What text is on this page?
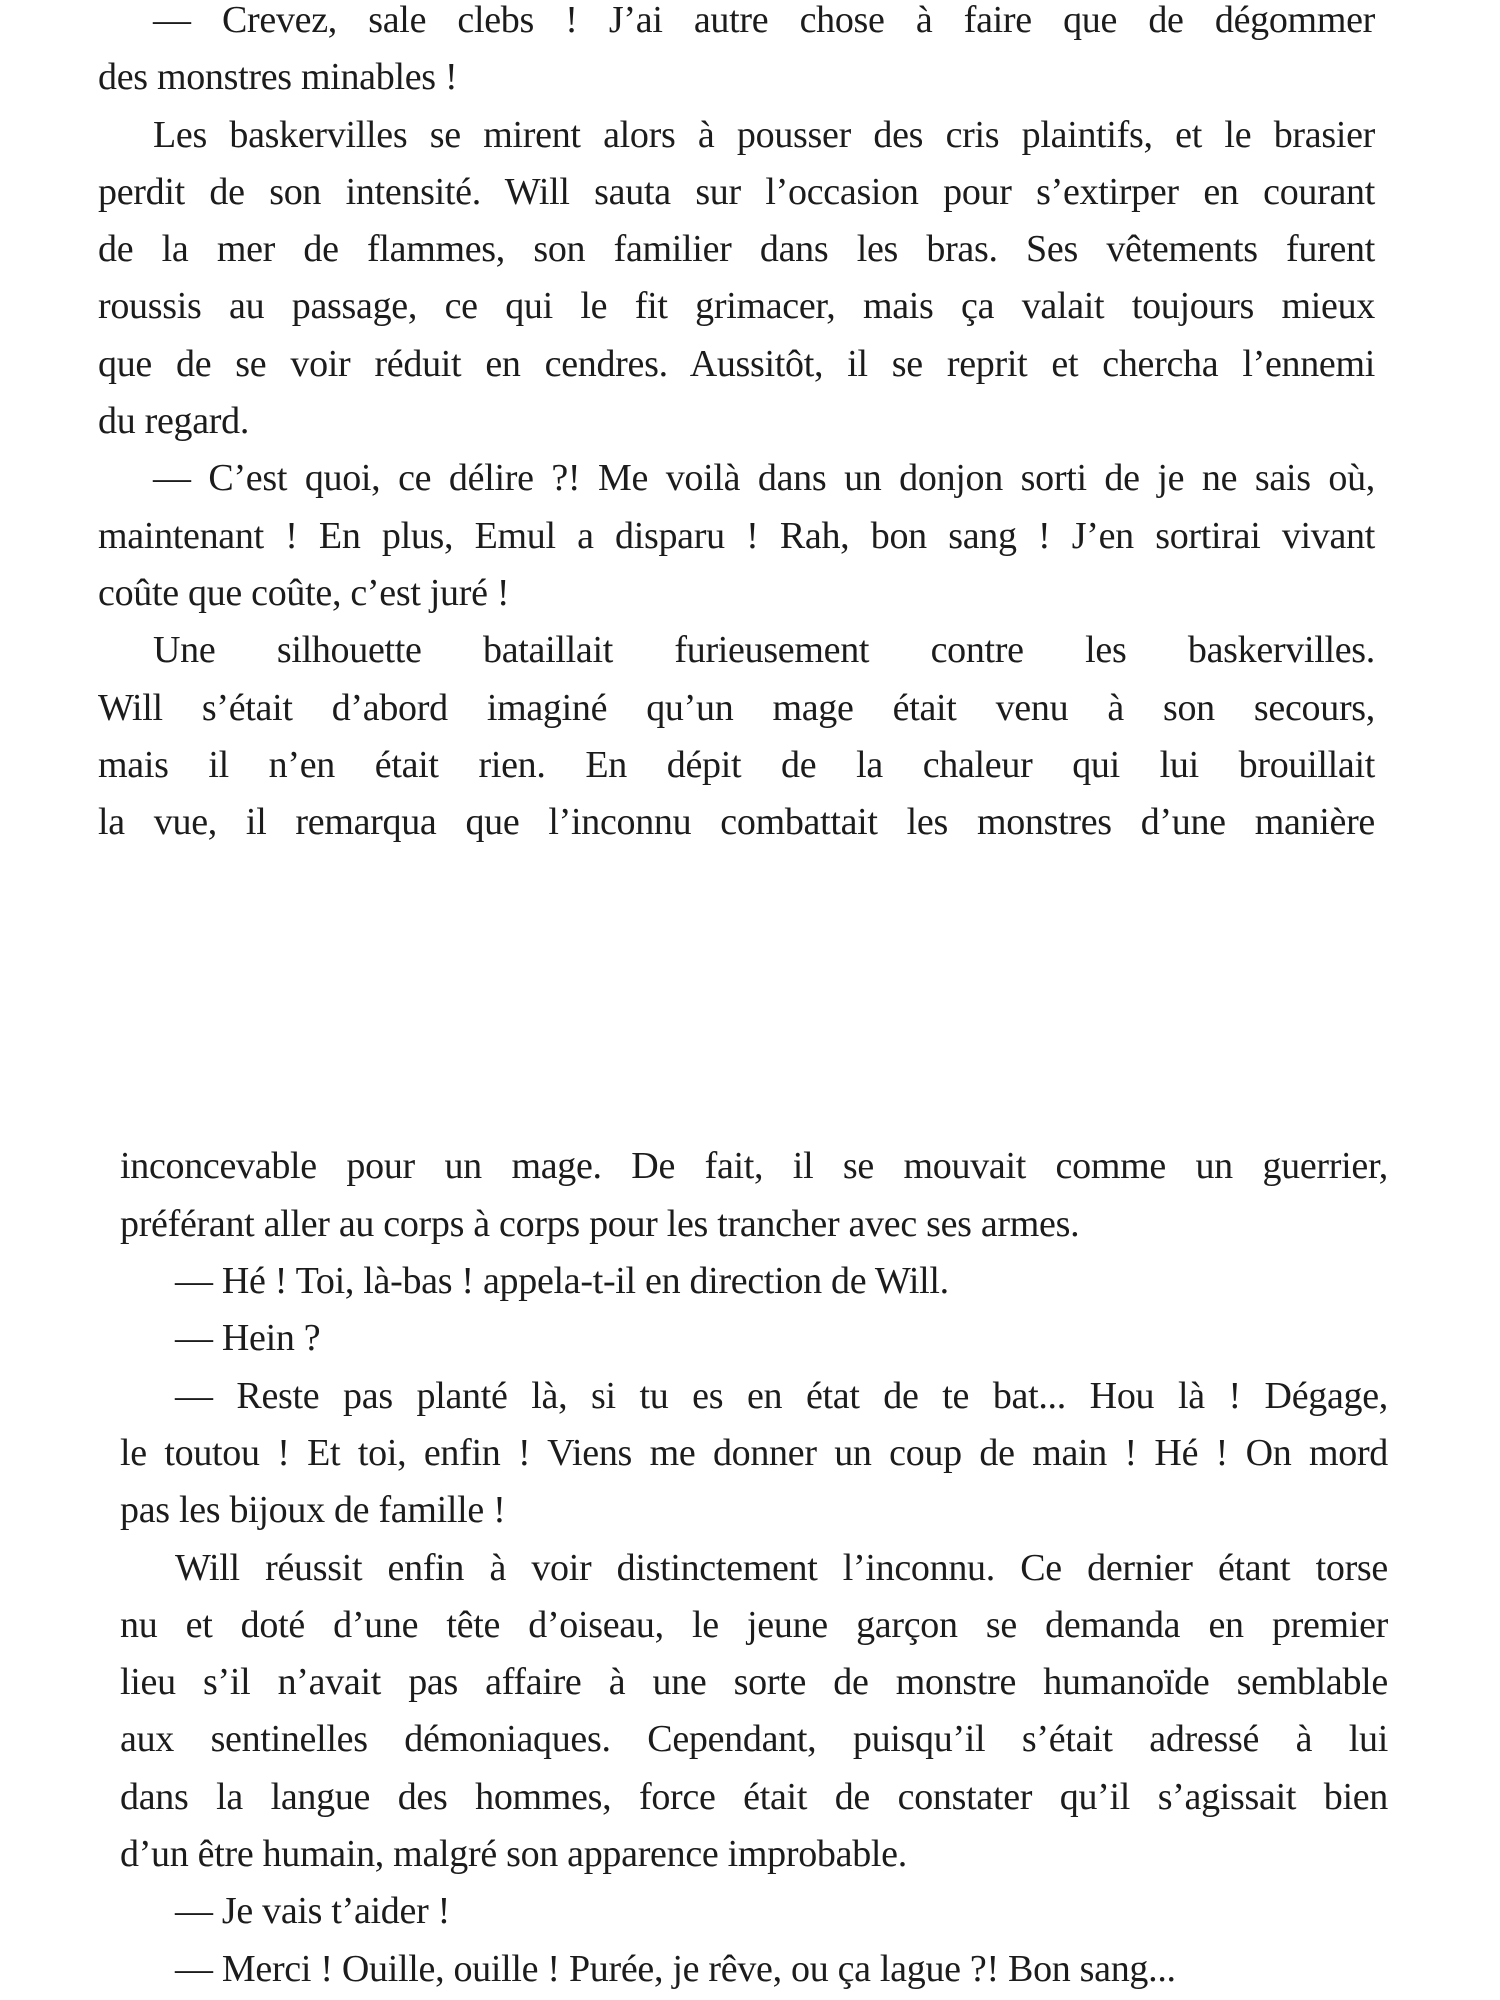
— Crevez, sale clebs ! J’ai autre chose à faire que de dégommer
des monstres minables !
Les baskervilles se mirent alors à pousser des cris plaintifs, et le brasier
perdit de son intensité. Will sauta sur l’occasion pour s’extirper en courant
de la mer de flammes, son familier dans les bras. Ses vêtements furent
roussis au passage, ce qui le fit grimacer, mais ça valait toujours mieux
que de se voir réduit en cendres. Aussitôt, il se reprit et chercha l’ennemi
du regard.
— C’est quoi, ce délire ?! Me voilà dans un donjon sorti de je ne sais où,
maintenant ! En plus, Emul a disparu ! Rah, bon sang ! J’en sortirai vivant
coûte que coûte, c’est juré !
Une silhouette bataillait furieusement contre les baskervilles.
Will s’était d’abord imaginé qu’un mage était venu à son secours,
mais il n’en était rien. En dépit de la chaleur qui lui brouillait
la vue, il remarqua que l’inconnu combattait les monstres d’une manière
inconcevable pour un mage. De fait, il se mouvait comme un guerrier,
préférant aller au corps à corps pour les trancher avec ses armes.
— Hé ! Toi, là-bas ! appela-t-il en direction de Will.
— Hein ?
— Reste pas planté là, si tu es en état de te bat... Hou là ! Dégage,
le toutou ! Et toi, enfin ! Viens me donner un coup de main ! Hé ! On mord
pas les bijoux de famille !
Will réussit enfin à voir distinctement l’inconnu. Ce dernier étant torse
nu et doté d’une tête d’oiseau, le jeune garçon se demanda en premier
lieu s’il n’avait pas affaire à une sorte de monstre humanoïde semblable
aux sentinelles démoniaques. Cependant, puisqu’il s’était adressé à lui
dans la langue des hommes, force était de constater qu’il s’agissait bien
d’un être humain, malgré son apparence improbable.
— Je vais t’aider !
— Merci ! Ouille, ouille ! Purée, je rêve, ou ça lague ?! Bon sang...
